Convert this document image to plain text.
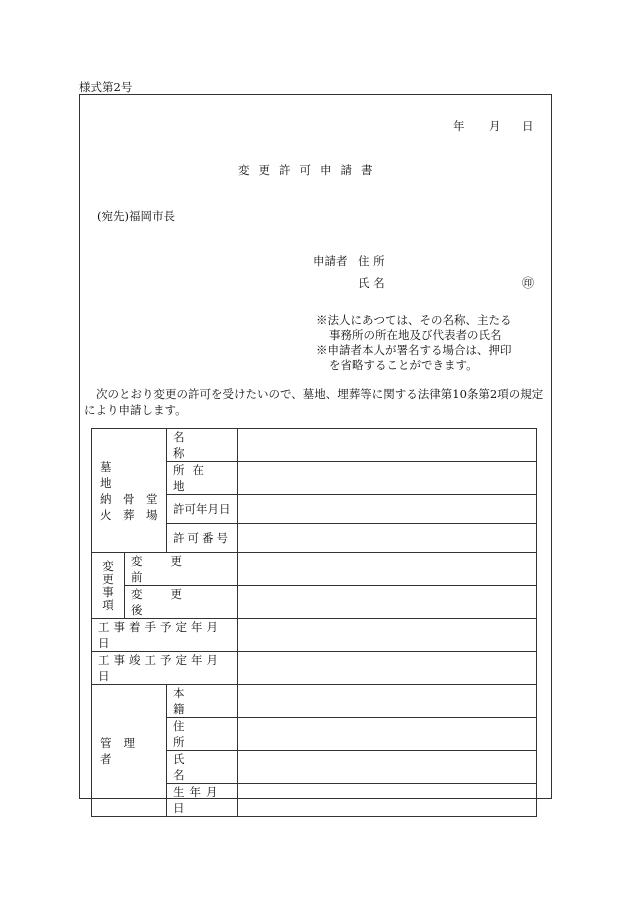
様式第2号
年 月 日
変更許可申請書
(宛先)福岡市長
申請者 住 所
氏 名	㊞
※法人にあつては、その名称、主たる
事務所の所在地及び代表者の氏名
※申請者本人が署名する場合は、押印
を省略することができます。
次のとおり変更の許可を受けたいので、墓地、埋葬等に関する法律第10条第2項の規定により申請します。
墓　　　　地
納　骨　堂
火　葬　場		名称	
		所在地	
		許可年月日	
		許可番号	

変
更
事
項	変更前		
	変更後		
工事着手予定年月日			
工事竣工予定年月日			
管理者		本籍	
		住所	
		氏名	
		生年月日	
